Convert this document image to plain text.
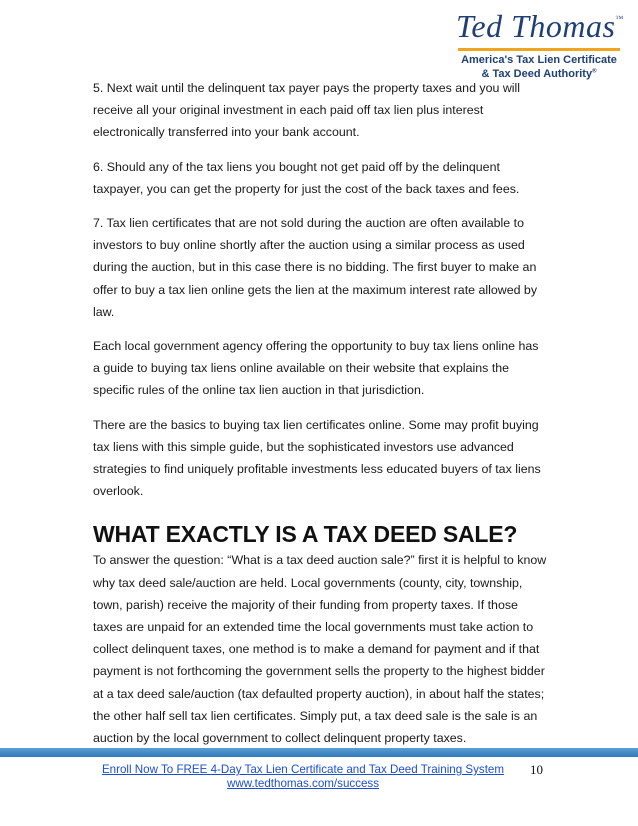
Ted Thomas™
America's Tax Lien Certificate
& Tax Deed Authority®

5. Next wait until the delinquent tax payer pays the property taxes and you will receive all your original investment in each paid off tax lien plus interest electronically transferred into your bank account.

6. Should any of the tax liens you bought not get paid off by the delinquent taxpayer, you can get the property for just the cost of the back taxes and fees.

7. Tax lien certificates that are not sold during the auction are often available to investors to buy online shortly after the auction using a similar process as used during the auction, but in this case there is no bidding. The first buyer to make an offer to buy a tax lien online gets the lien at the maximum interest rate allowed by law.

Each local government agency offering the opportunity to buy tax liens online has a guide to buying tax liens online available on their website that explains the specific rules of the online tax lien auction in that jurisdiction.

There are the basics to buying tax lien certificates online. Some may profit buying tax liens with this simple guide, but the sophisticated investors use advanced strategies to find uniquely profitable investments less educated buyers of tax liens overlook.

WHAT EXACTLY IS A TAX DEED SALE?

To answer the question: “What is a tax deed auction sale?” first it is helpful to know why tax deed sale/auction are held. Local governments (county, city, township, town, parish) receive the majority of their funding from property taxes. If those taxes are unpaid for an extended time the local governments must take action to collect delinquent taxes, one method is to make a demand for payment and if that payment is not forthcoming the government sells the property to the highest bidder at a tax deed sale/auction (tax defaulted property auction), in about half the states; the other half sell tax lien certificates. Simply put, a tax deed sale is the sale is an auction by the local government to collect delinquent property taxes.

Enroll Now To FREE 4-Day Tax Lien Certificate and Tax Deed Training System
www.tedthomas.com/success
10
